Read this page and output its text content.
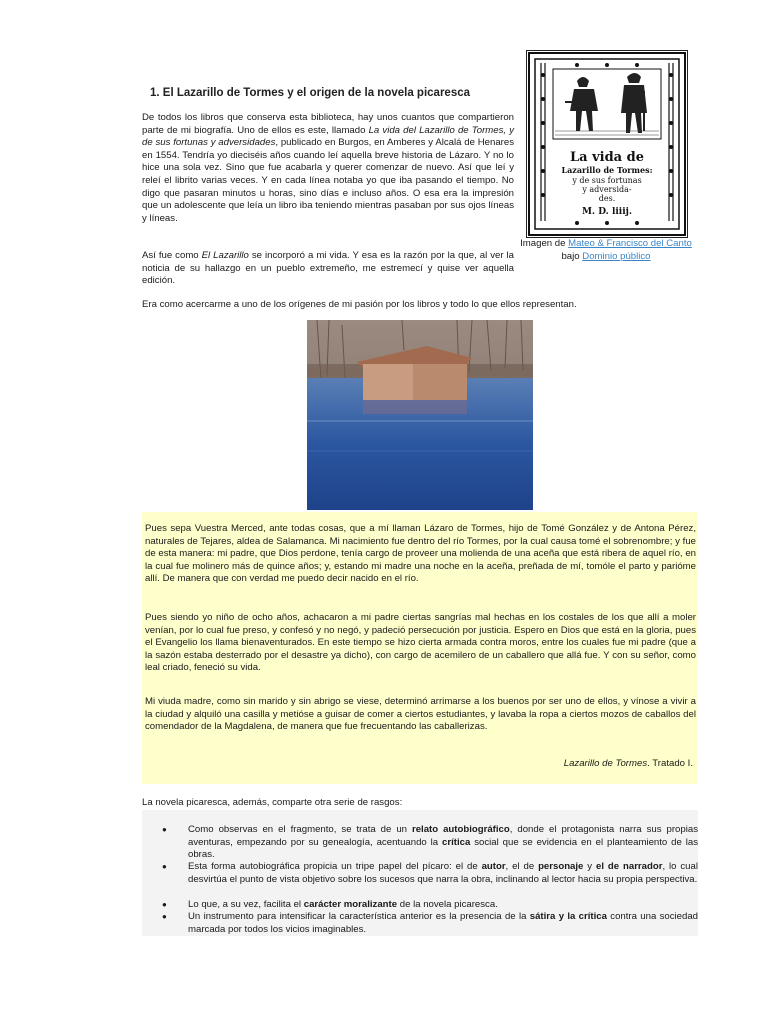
1. El Lazarillo de Tormes y el origen de la novela picaresca

De todos los libros que conserva esta biblioteca, hay unos cuantos que compartieron parte de mi biografía. Uno de ellos es este, llamado La vida del Lazarillo de Tormes, y de sus fortunas y adversidades, publicado en Burgos, en Amberes y Alcalá de Henares en 1554. Tendría yo dieciséis años cuando leí aquella breve historia de Lázaro. Y no lo hice una sola vez. Sino que fue acabarla y querer comenzar de nuevo. Así que leí y releí el librito varias veces. Y en cada línea notaba yo que iba pasando el tiempo. No digo que pasaran minutos u horas, sino días e incluso años. O esa era la impresión que un adolescente que leía un libro iba teniendo mientras pasaban por sus ojos líneas y líneas.

Así fue como El Lazarillo se incorporó a mi vida. Y esa es la razón por la que, al ver la noticia de su hallazgo en un pueblo extremeño, me estremecí y quise ver aquella edición.

Era como acercarme a uno de los orígenes de mi pasión por los libros y todo lo que ellos representan.

La vida de
Lazarillo de Tormes:
y de sus fortunas
y adversida-
des.
M. D. liiij.
Imagen de Mateo & Francisco del Canto bajo Dominio público

Pues sepa Vuestra Merced, ante todas cosas, que a mí llaman Lázaro de Tormes, hijo de Tomé González y de Antona Pérez, naturales de Tejares, aldea de Salamanca. Mi nacimiento fue dentro del río Tormes, por la cual causa tomé el sobrenombre; y fue de esta manera: mi padre, que Dios perdone, tenía cargo de proveer una molienda de una aceña que está ribera de aquel río, en la cual fue molinero más de quince años; y, estando mi madre una noche en la aceña, preñada de mí, tomóle el parto y parióme allí. De manera que con verdad me puedo decir nacido en el río.

Pues siendo yo niño de ocho años, achacaron a mi padre ciertas sangrías mal hechas en los costales de los que allí a moler venían, por lo cual fue preso, y confesó y no negó, y padeció persecución por justicia. Espero en Dios que está en la gloria, pues el Evangelio los llama bienaventurados. En este tiempo se hizo cierta armada contra moros, entre los cuales fue mi padre (que a la sazón estaba desterrado por el desastre ya dicho), con cargo de acemilero de un caballero que allá fue. Y con su señor, como leal criado, feneció su vida.

Mi viuda madre, como sin marido y sin abrigo se viese, determinó arrimarse a los buenos por ser uno de ellos, y vínose a vivir a la ciudad y alquiló una casilla y metióse a guisar de comer a ciertos estudiantes, y lavaba la ropa a ciertos mozos de caballos del comendador de la Magdalena, de manera que fue frecuentando las caballerizas.

Lazarillo de Tormes. Tratado I.
La novela picaresca, además, comparte otra serie de rasgos:
● Como observas en el fragmento, se trata de un relato autobiográfico, donde el protagonista narra sus propias aventuras, empezando por su genealogía, acentuando la crítica social que se evidencia en el planteamiento de las obras.
● Esta forma autobiográfica propicia un tripe papel del pícaro: el de autor, el de personaje y el de narrador, lo cual desvirtúa el punto de vista objetivo sobre los sucesos que narra la obra, inclinando al lector hacia su propia perspectiva.
● Lo que, a su vez, facilita el carácter moralizante de la novela picaresca.
● Un instrumento para intensificar la característica anterior es la presencia de la sátira y la crítica contra una sociedad marcada por todos los vicios imaginables.
